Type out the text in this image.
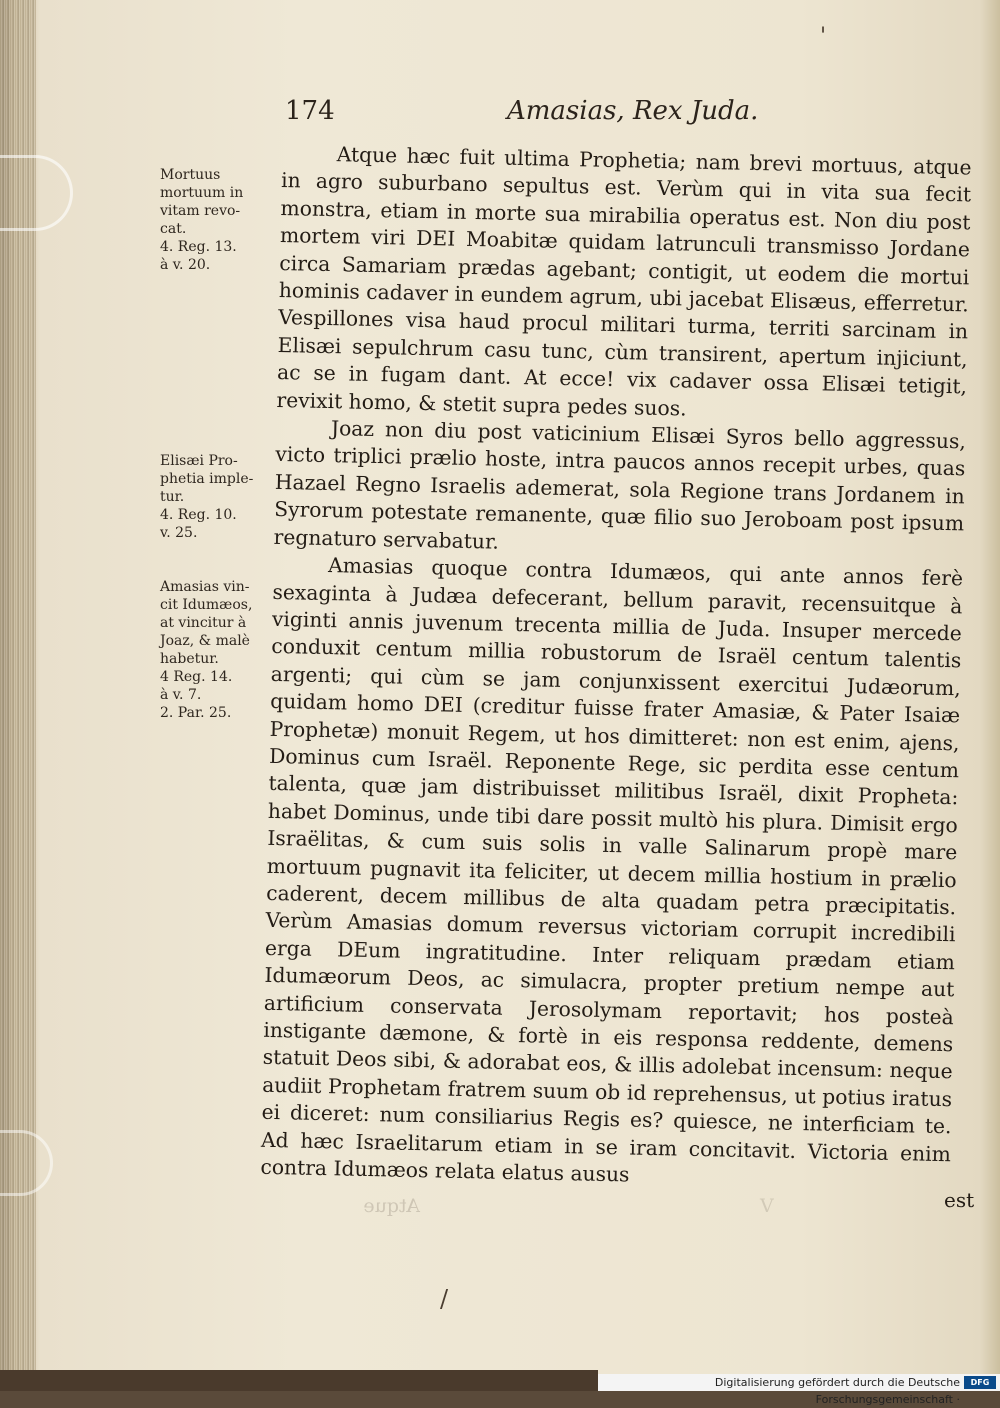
'
174	Amasias, Rex Juda.
Mortuus
mortuum in
vitam revo-
cat.
4. Reg. 13.
à v. 20.
Elisæi Pro-
phetia imple-
tur.
4. Reg. 10.
v. 25.
Amasias vin-
cit Idumæos,
at vincitur à
Joaz, & malè
habetur.
4 Reg. 14.
à v. 7.
2. Par. 25.

Atque hæc fuit ultima Prophetia; nam brevi mortuus, atque in agro suburbano sepultus est. Verùm qui in vita sua fecit monstra, etiam in morte sua mirabilia operatus est. Non diu post mortem viri DEI Moabitæ quidam latrunculi transmisso Jordane circa Samariam prædas agebant; contigit, ut eodem die mortui hominis cadaver in eundem agrum, ubi jacebat Elisæus, efferretur. Vespillones visa haud procul militari turma, territi sarcinam in Elisæi sepulchrum casu tunc, cùm transirent, apertum injiciunt, ac se in fugam dant. At ecce! vix cadaver ossa Elisæi tetigit, revixit homo, & stetit supra pedes suos.

Joaz non diu post vaticinium Elisæi Syros bello aggressus, victo triplici prælio hoste, intra paucos annos recepit urbes, quas Hazael Regno Israelis ademerat, sola Regione trans Jordanem in Syrorum potestate remanente, quæ filio suo Jeroboam post ipsum regnaturo servabatur.

Amasias quoque contra Idumæos, qui ante annos ferè sexaginta à Judæa defecerant, bellum paravit, recensuitque à viginti annis juvenum trecenta millia de Juda. Insuper mercede conduxit centum millia robustorum de Israël centum talentis argenti; qui cùm se jam conjunxissent exercitui Judæorum, quidam homo DEI (creditur fuisse frater Amasiæ, & Pater Isaiæ Prophetæ) monuit Regem, ut hos dimitteret: non est enim, ajens, Dominus cum Israël. Reponente Rege, sic perdita esse centum talenta, quæ jam distribuisset militibus Israël, dixit Propheta: habet Dominus, unde tibi dare possit multò his plura. Dimisit ergo Israëlitas, & cum suis solis in valle Salinarum propè mare mortuum pugnavit ita feliciter, ut decem millia hostium in prælio caderent, decem millibus de alta quadam petra præcipitatis. Verùm Amasias domum reversus victoriam corrupit incredibili erga DEum ingratitudine. Inter reliquam prædam etiam Idumæorum Deos, ac simulacra, propter pretium nempe aut artificium conservata Jerosolymam reportavit; hos posteà instigante dæmone, & fortè in eis responsa reddente, demens statuit Deos sibi, & adorabat eos, & illis adolebat incensum: neque audiit Prophetam fratrem suum ob id reprehensus, ut potius iratus ei diceret: num consiliarius Regis es? quiesce, ne interficiam te. Ad hæc Israelitarum etiam in se iram concitavit. Victoria enim contra Idumæos relata elatus ausus

est
Atque	V
/
Digitalisierung gefördert durch die Deutsche Forschungsgemeinschaft ·
DFG
